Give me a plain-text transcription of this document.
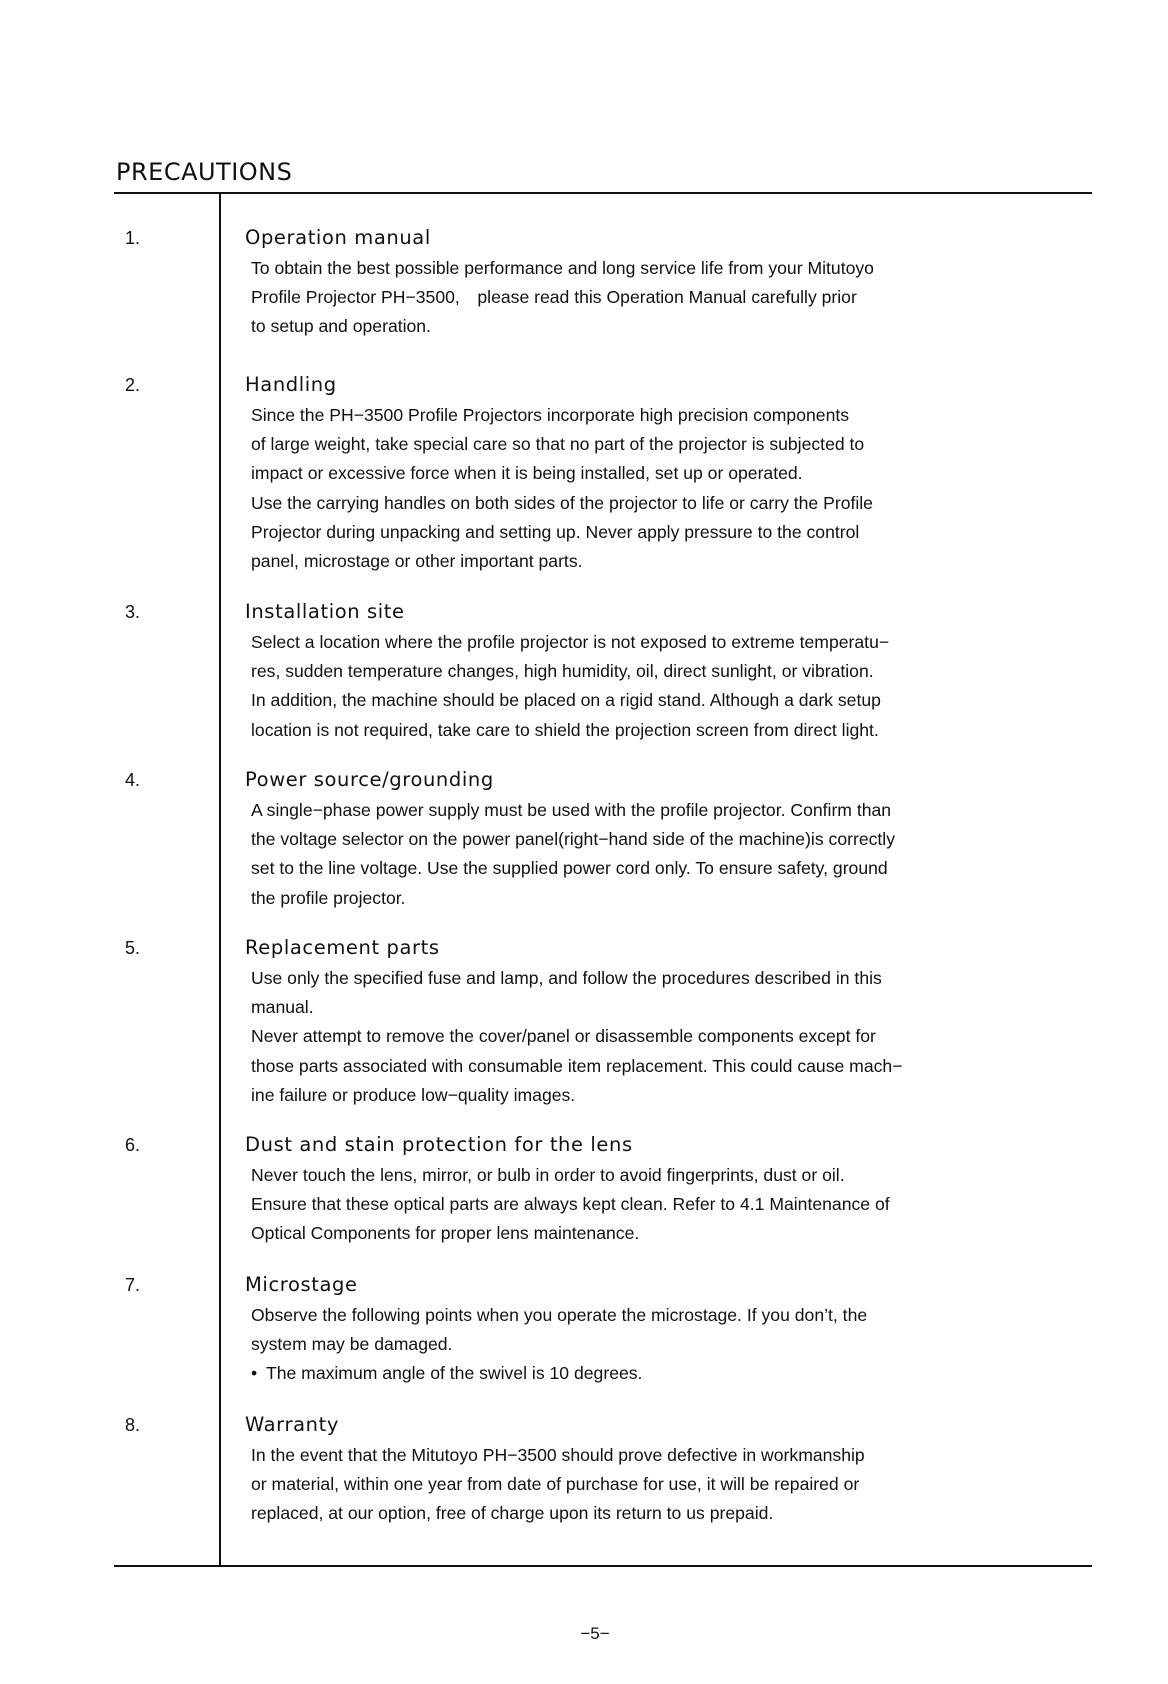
PRECAUTIONS
1.	Operation manual

To obtain the best possible performance and long service life from your Mitutoyo

Profile Projector PH−3500, please read this Operation Manual carefully prior

to setup and operation.

2.	Handling

Since the PH−3500 Profile Projectors incorporate high precision components

of large weight, take special care so that no part of the projector is subjected to

impact or excessive force when it is being installed, set up or operated.

Use the carrying handles on both sides of the projector to life or carry the Profile

Projector during unpacking and setting up. Never apply pressure to the control

panel, microstage or other important parts.

3.	Installation site

Select a location where the profile projector is not exposed to extreme temperatu−

res, sudden temperature changes, high humidity, oil, direct sunlight, or vibration.

In addition, the machine should be placed on a rigid stand. Although a dark setup

location is not required, take care to shield the projection screen from direct light.

4.	Power source/grounding

A single−phase power supply must be used with the profile projector. Confirm than

the voltage selector on the power panel(right−hand side of the machine)is correctly

set to the line voltage. Use the supplied power cord only. To ensure safety, ground

the profile projector.

5.	Replacement parts

Use only the specified fuse and lamp, and follow the procedures described in this

manual.

Never attempt to remove the cover/panel or disassemble components except for

those parts associated with consumable item replacement. This could cause mach−

ine failure or produce low−quality images.

6.	Dust and stain protection for the lens

Never touch the lens, mirror, or bulb in order to avoid fingerprints, dust or oil.

Ensure that these optical parts are always kept clean. Refer to 4.1 Maintenance of

Optical Components for proper lens maintenance.

7.	Microstage

Observe the following points when you operate the microstage. If you don’t, the

system may be damaged.

• The maximum angle of the swivel is 10 degrees.

8.	Warranty

In the event that the Mitutoyo PH−3500 should prove defective in workmanship

or material, within one year from date of purchase for use, it will be repaired or

replaced, at our option, free of charge upon its return to us prepaid.

−5−
